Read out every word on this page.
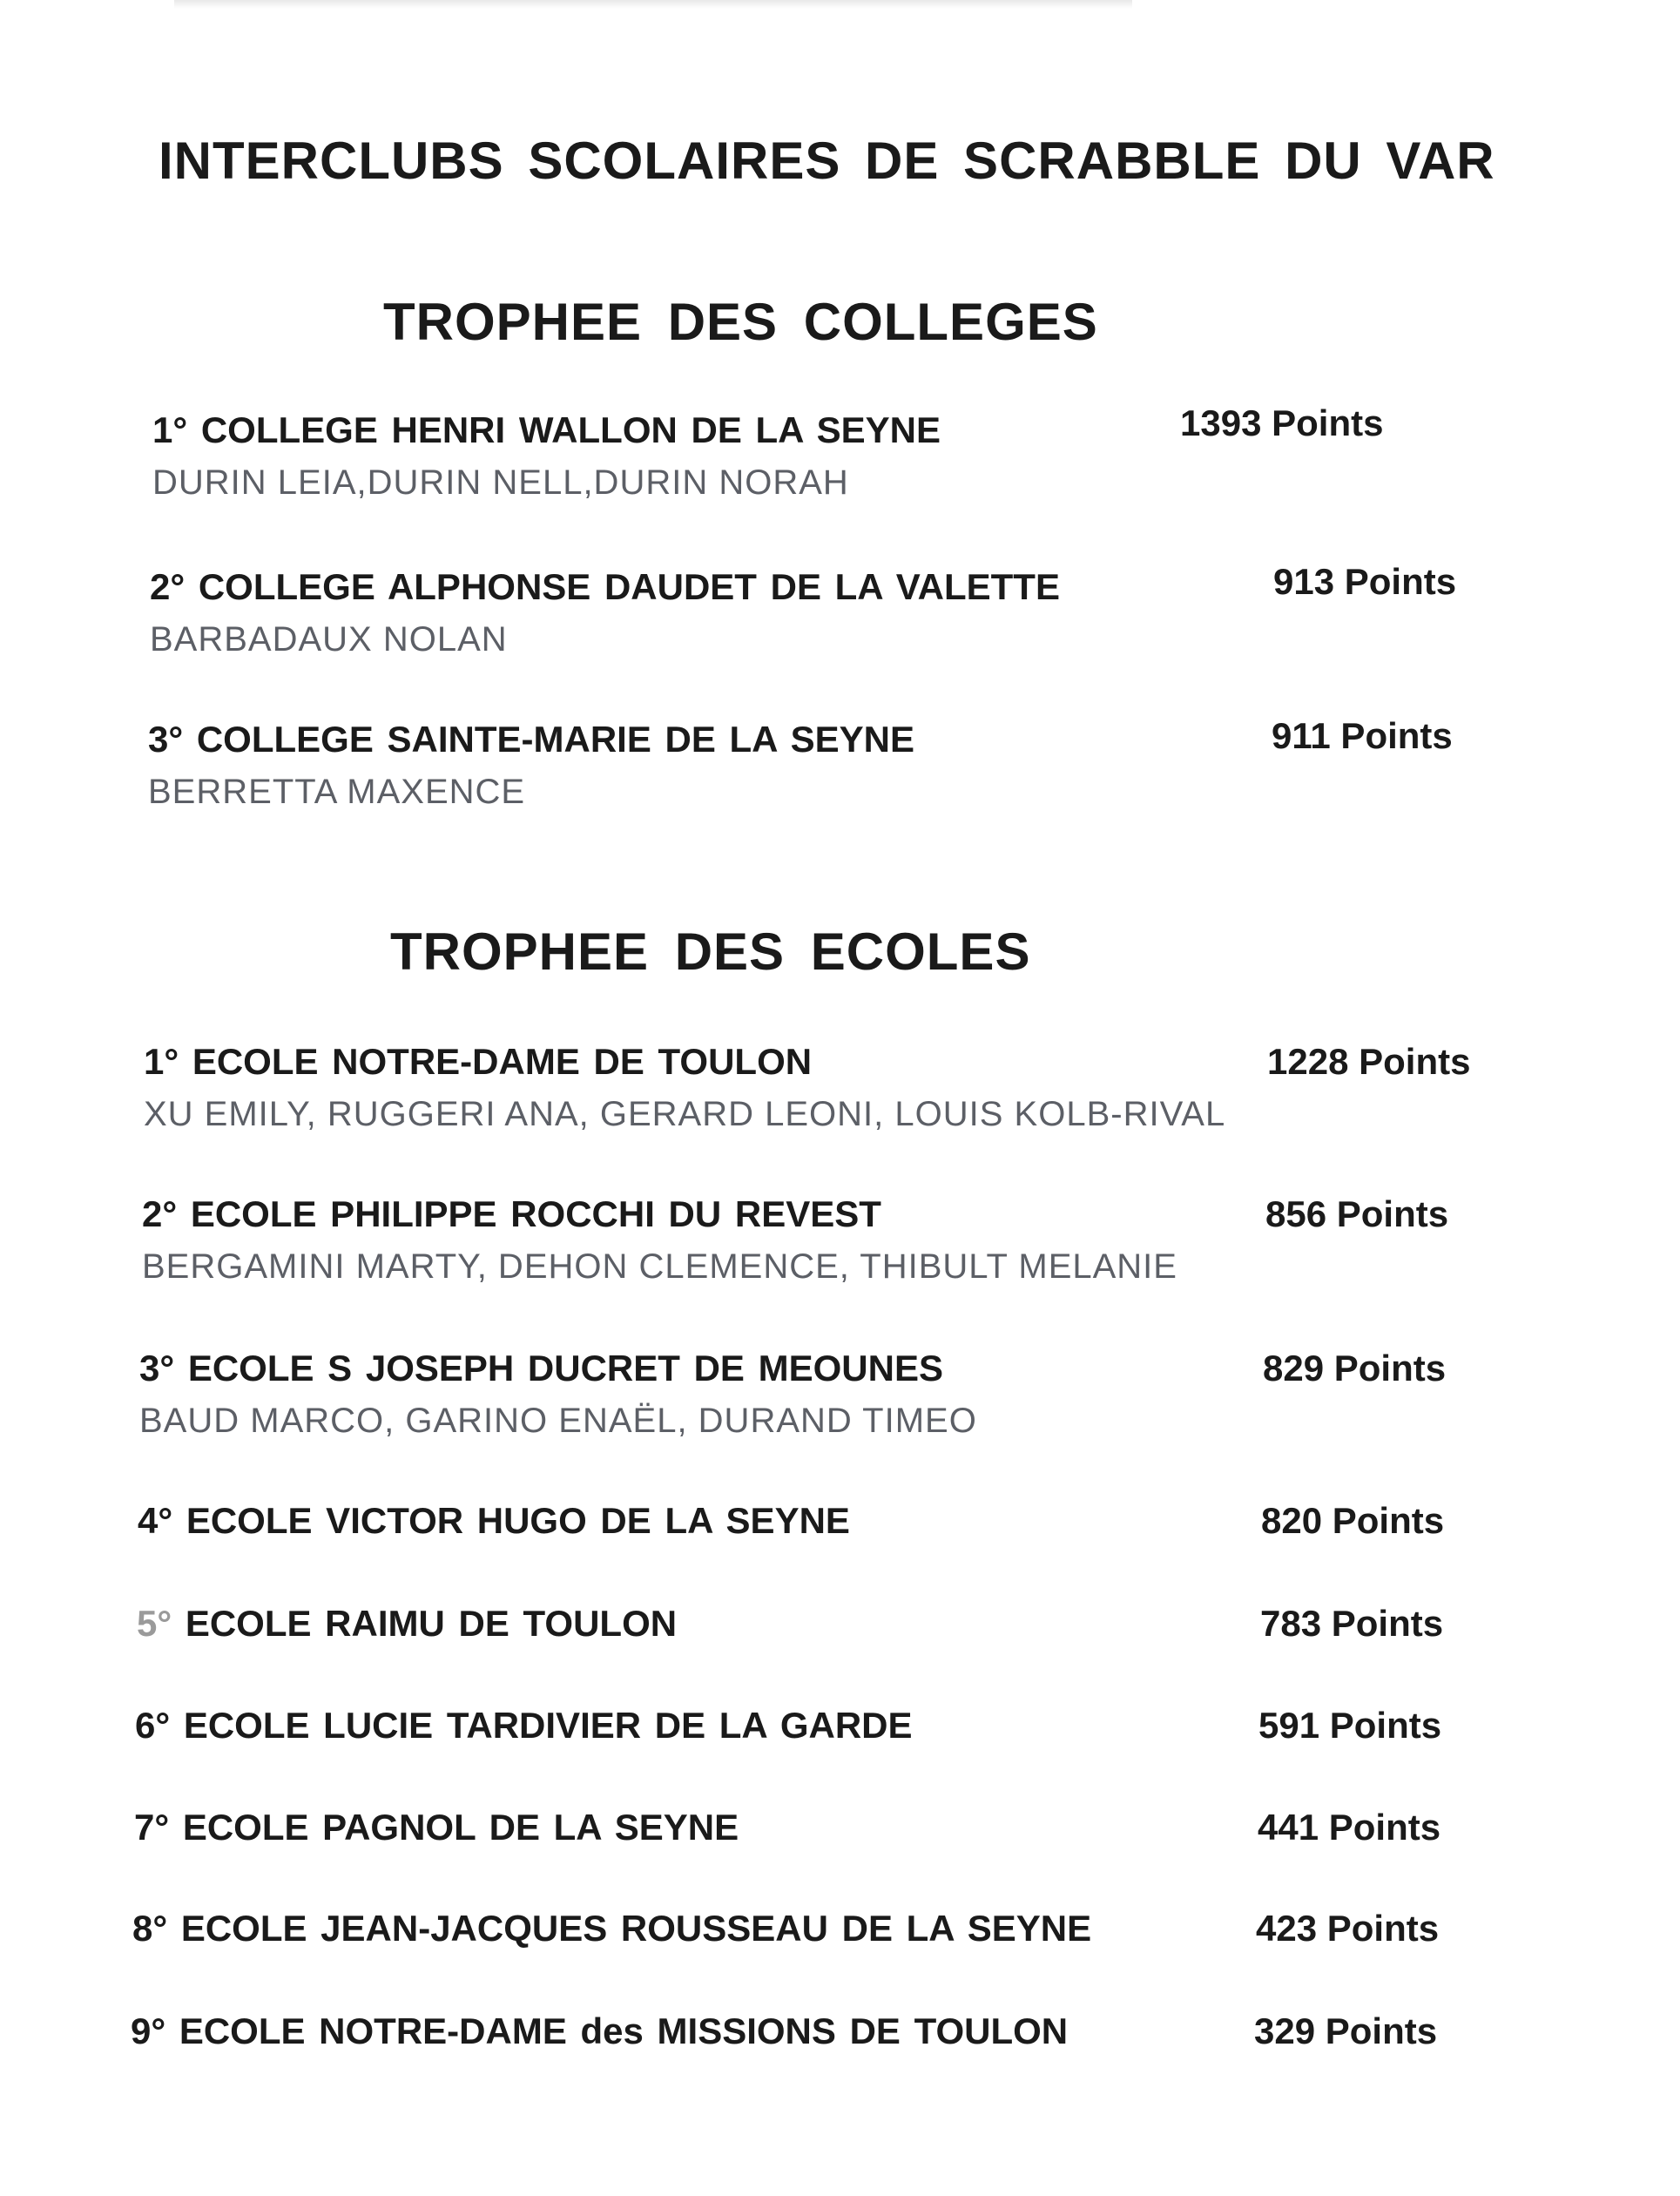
INTERCLUBS SCOLAIRES DE SCRABBLE DU VAR
TROPHEE DES COLLEGES
1° COLLEGE HENRI WALLON DE LA SEYNE	1393 Points
DURIN LEIA,DURIN NELL,DURIN NORAH
2° COLLEGE ALPHONSE DAUDET DE LA VALETTE	913 Points
BARBADAUX NOLAN
3° COLLEGE SAINTE-MARIE DE LA SEYNE	911 Points
BERRETTA MAXENCE
TROPHEE DES ECOLES
1° ECOLE NOTRE-DAME DE TOULON	1228 Points
XU EMILY, RUGGERI ANA, GERARD LEONI, LOUIS KOLB-RIVAL
2° ECOLE PHILIPPE ROCCHI DU REVEST	856 Points
BERGAMINI MARTY, DEHON CLEMENCE, THIBULT MELANIE
3° ECOLE S JOSEPH DUCRET DE MEOUNES	829 Points
BAUD MARCO, GARINO ENAËL, DURAND TIMEO
4° ECOLE VICTOR HUGO DE LA SEYNE	820 Points
5° ECOLE RAIMU DE TOULON	783 Points
6° ECOLE LUCIE TARDIVIER DE LA GARDE	591 Points
7° ECOLE PAGNOL DE LA SEYNE	441 Points
8° ECOLE JEAN-JACQUES ROUSSEAU DE LA SEYNE	423 Points
9° ECOLE NOTRE-DAME des MISSIONS DE TOULON	329 Points
